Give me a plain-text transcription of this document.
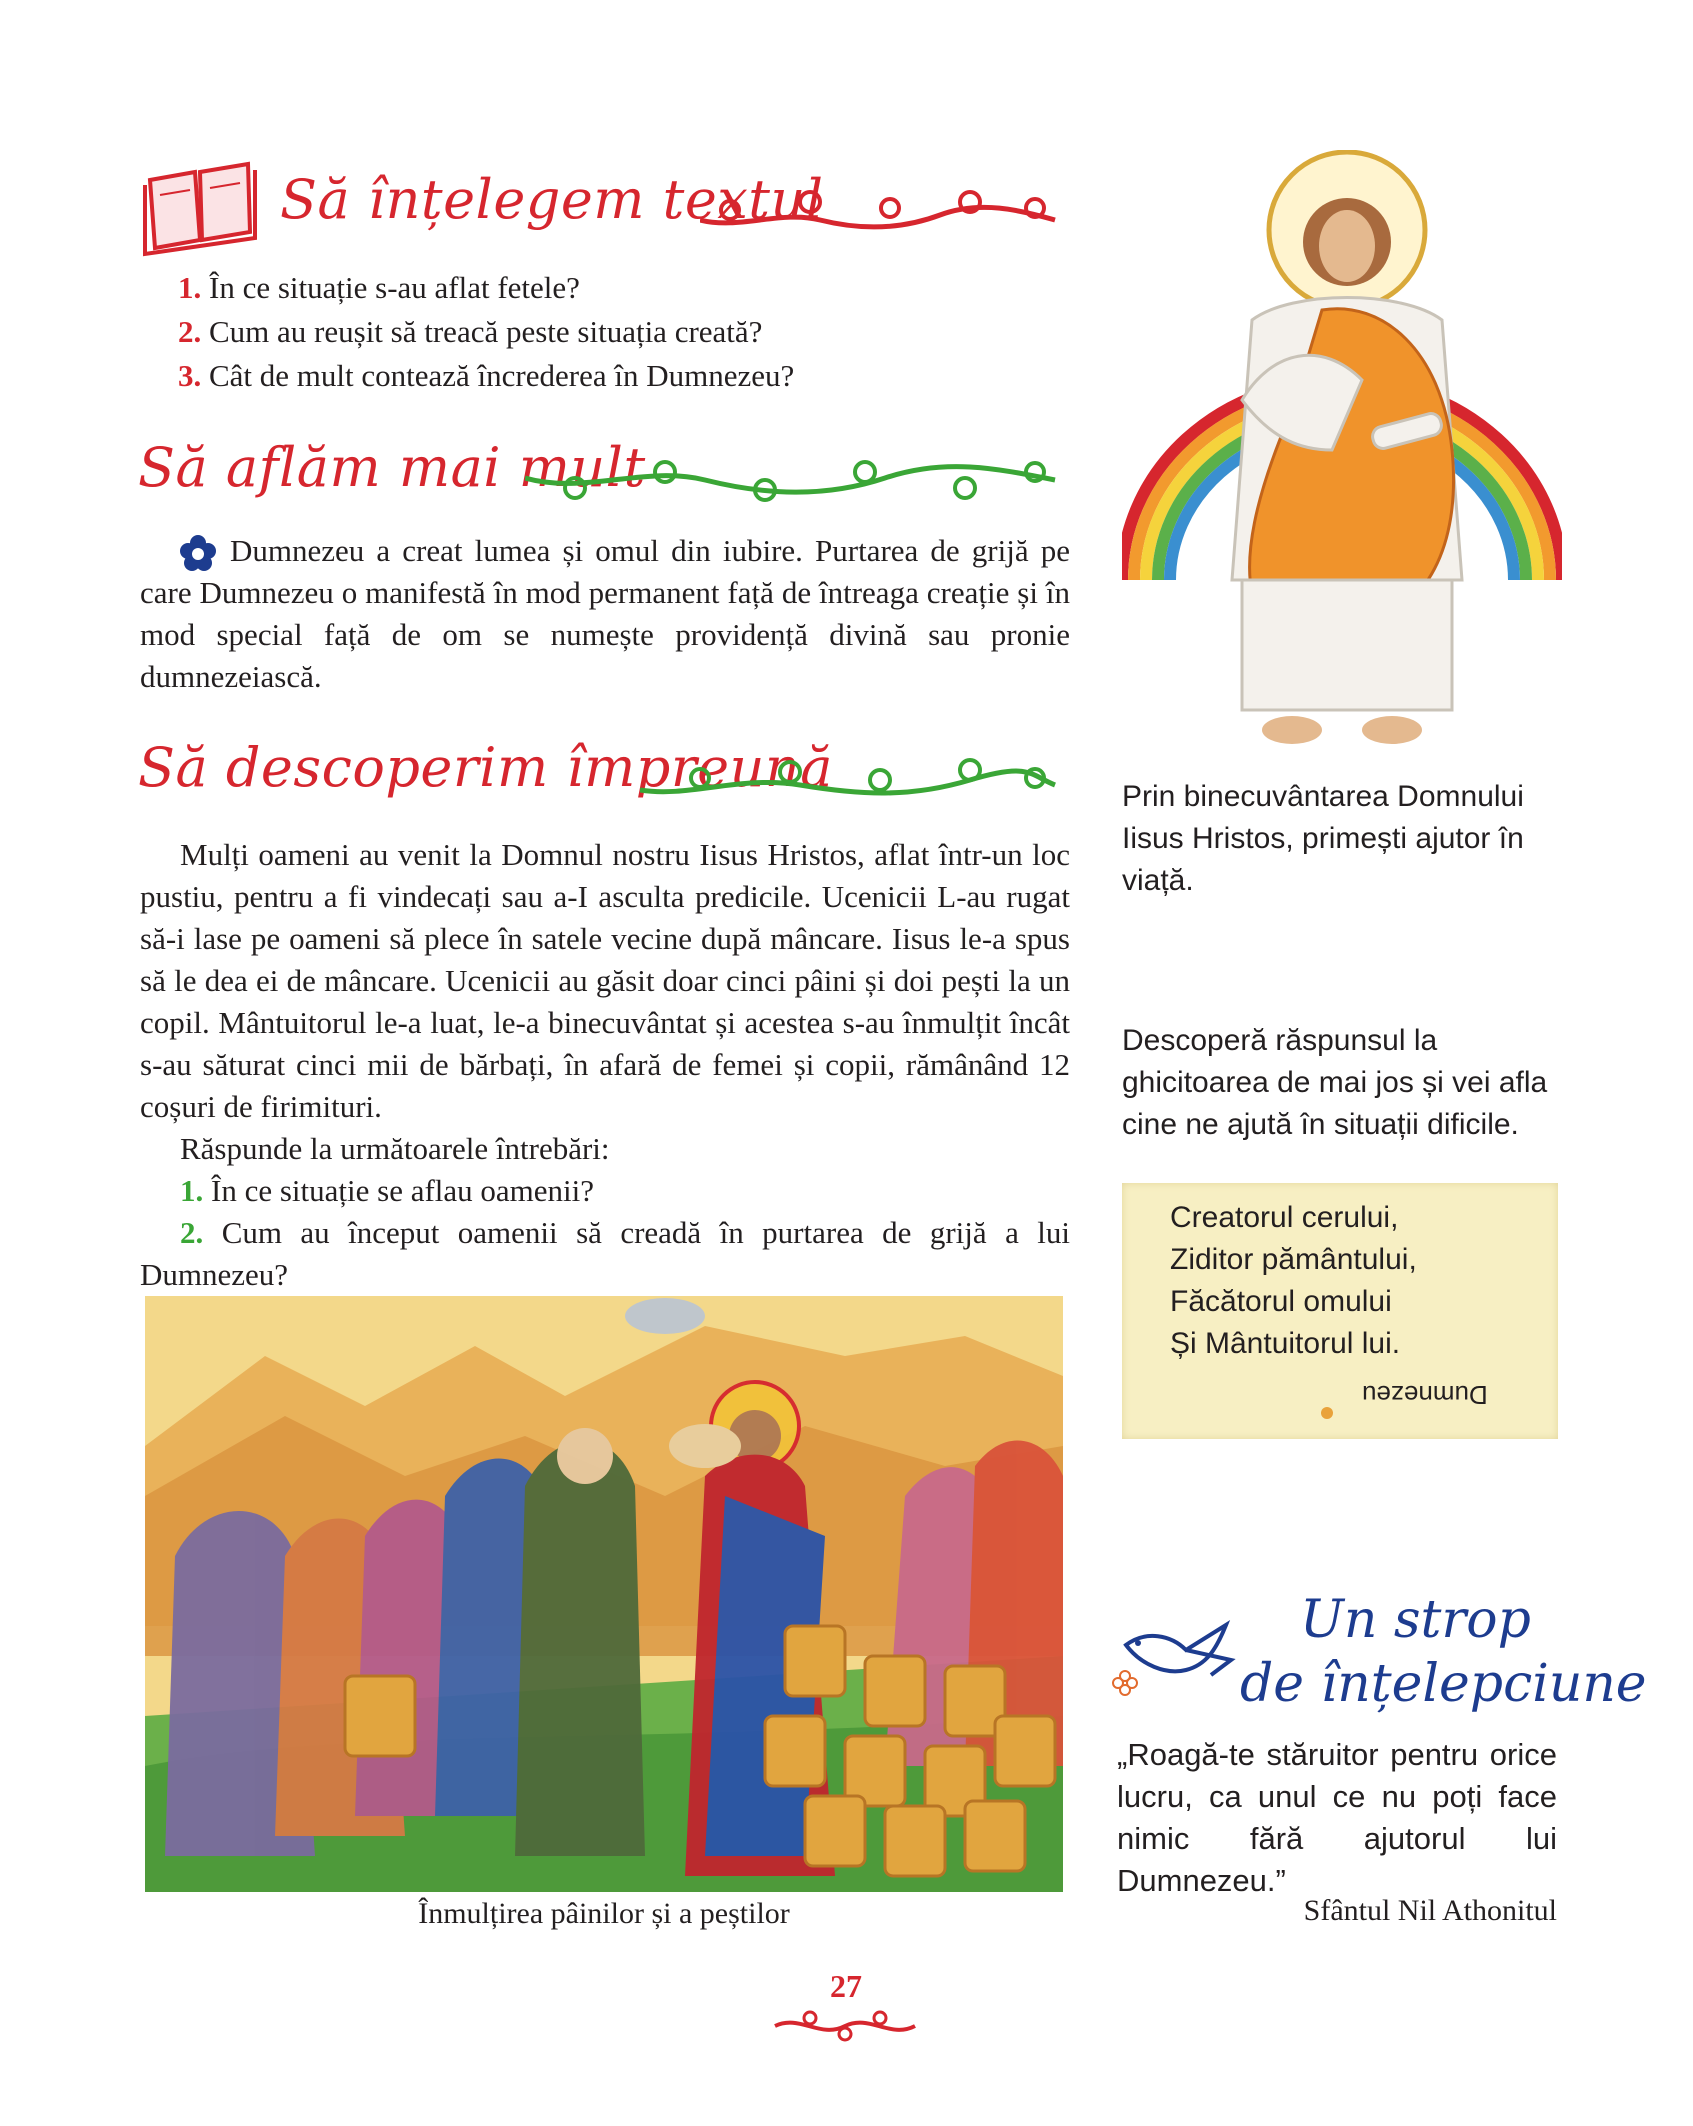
Să înțelegem textul
1. În ce situație s-au aflat fetele?
2. Cum au reușit să treacă peste situația creată?
3. Cât de mult contează încrederea în Dumnezeu?
Să aflăm mai mult
Dumnezeu a creat lumea și omul din iubire. Purtarea de grijă pe care Dumnezeu o manifestă în mod permanent față de întreaga creație și în mod special față de om se numește providență divină sau pronie dumnezeiască.
Să descoperim împreună
Mulți oameni au venit la Domnul nostru Iisus Hristos, aflat într-un loc pustiu, pentru a fi vindecați sau a-I asculta predicile. Ucenicii L-au rugat să-i lase pe oameni să plece în satele vecine după mâncare. Iisus le-a spus să le dea ei de mâncare. Ucenicii au găsit doar cinci pâini și doi pești la un copil. Mântuitorul le-a luat, le-a binecuvântat și acestea s-au înmulțit încât s-au săturat cinci mii de bărbați, în afară de femei și copii, rămânând 12 coșuri de firimituri.
Răspunde la următoarele întrebări:
1. În ce situație se aflau oamenii?
2. Cum au început oamenii să creadă în purtarea de grijă a lui Dumnezeu?
Înmulțirea pâinilor și a peștilor
Prin binecuvântarea Domnului Iisus Hristos, primești ajutor în viață.
Descoperă răspunsul la ghicitoarea de mai jos și vei afla cine ne ajută în situații dificile.
Creatorul cerului,
Ziditor pământului,
Făcătorul omului
Și Mântuitorul lui.
Dumnezeu
Un strop
de înțelepciune
„Roagă-te stăruitor pentru orice lucru, ca unul ce nu poți face nimic fără ajutorul lui Dumnezeu.”
Sfântul Nil Athonitul
27
